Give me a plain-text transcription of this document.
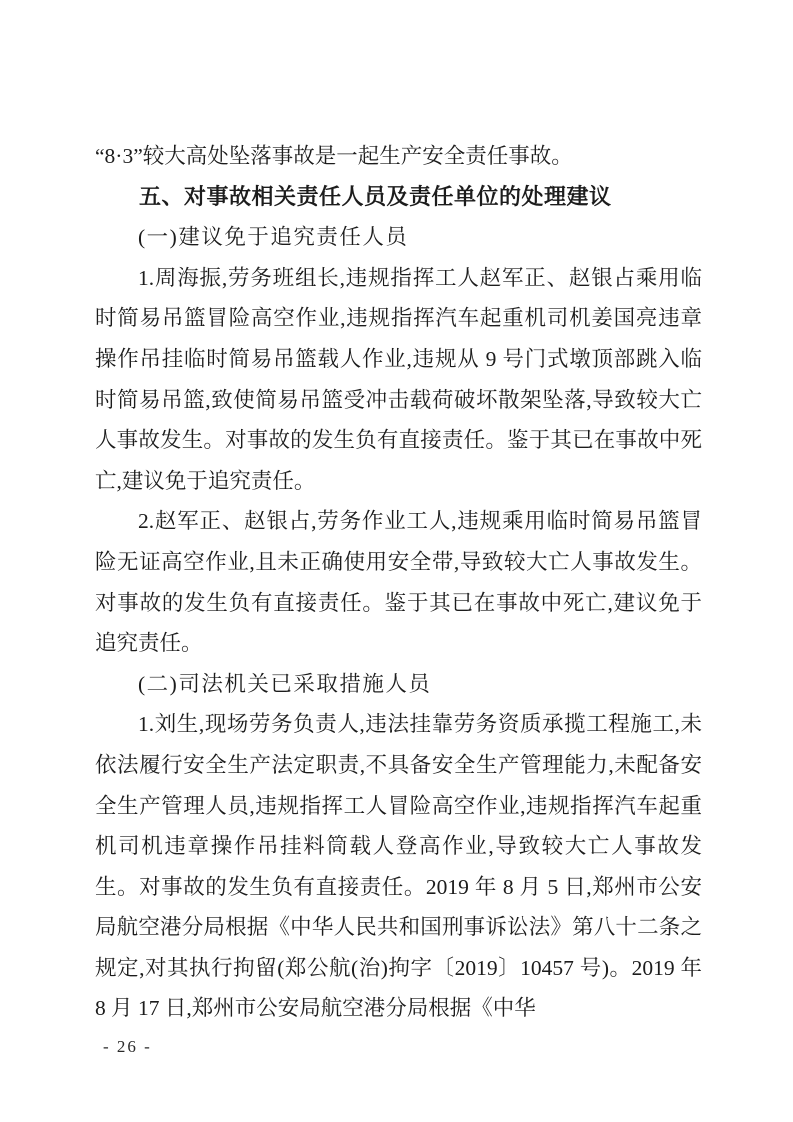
“8·3”较大高处坠落事故是一起生产安全责任事故。

五、对事故相关责任人员及责任单位的处理建议

(一)建议免于追究责任人员

1.周海振,劳务班组长,违规指挥工人赵军正、赵银占乘用临时简易吊篮冒险高空作业,违规指挥汽车起重机司机姜国亮违章操作吊挂临时简易吊篮载人作业,违规从 9 号门式墩顶部跳入临时简易吊篮,致使简易吊篮受冲击载荷破坏散架坠落,导致较大亡人事故发生。对事故的发生负有直接责任。鉴于其已在事故中死亡,建议免于追究责任。

2.赵军正、赵银占,劳务作业工人,违规乘用临时简易吊篮冒险无证高空作业,且未正确使用安全带,导致较大亡人事故发生。对事故的发生负有直接责任。鉴于其已在事故中死亡,建议免于追究责任。

(二)司法机关已采取措施人员

1.刘生,现场劳务负责人,违法挂靠劳务资质承揽工程施工,未依法履行安全生产法定职责,不具备安全生产管理能力,未配备安全生产管理人员,违规指挥工人冒险高空作业,违规指挥汽车起重机司机违章操作吊挂料筒载人登高作业,导致较大亡人事故发生。对事故的发生负有直接责任。2019 年 8 月 5 日,郑州市公安局航空港分局根据《中华人民共和国刑事诉讼法》第八十二条之规定,对其执行拘留(郑公航(治)拘字〔2019〕10457 号)。2019 年 8 月 17 日,郑州市公安局航空港分局根据《中华

- 26 -
